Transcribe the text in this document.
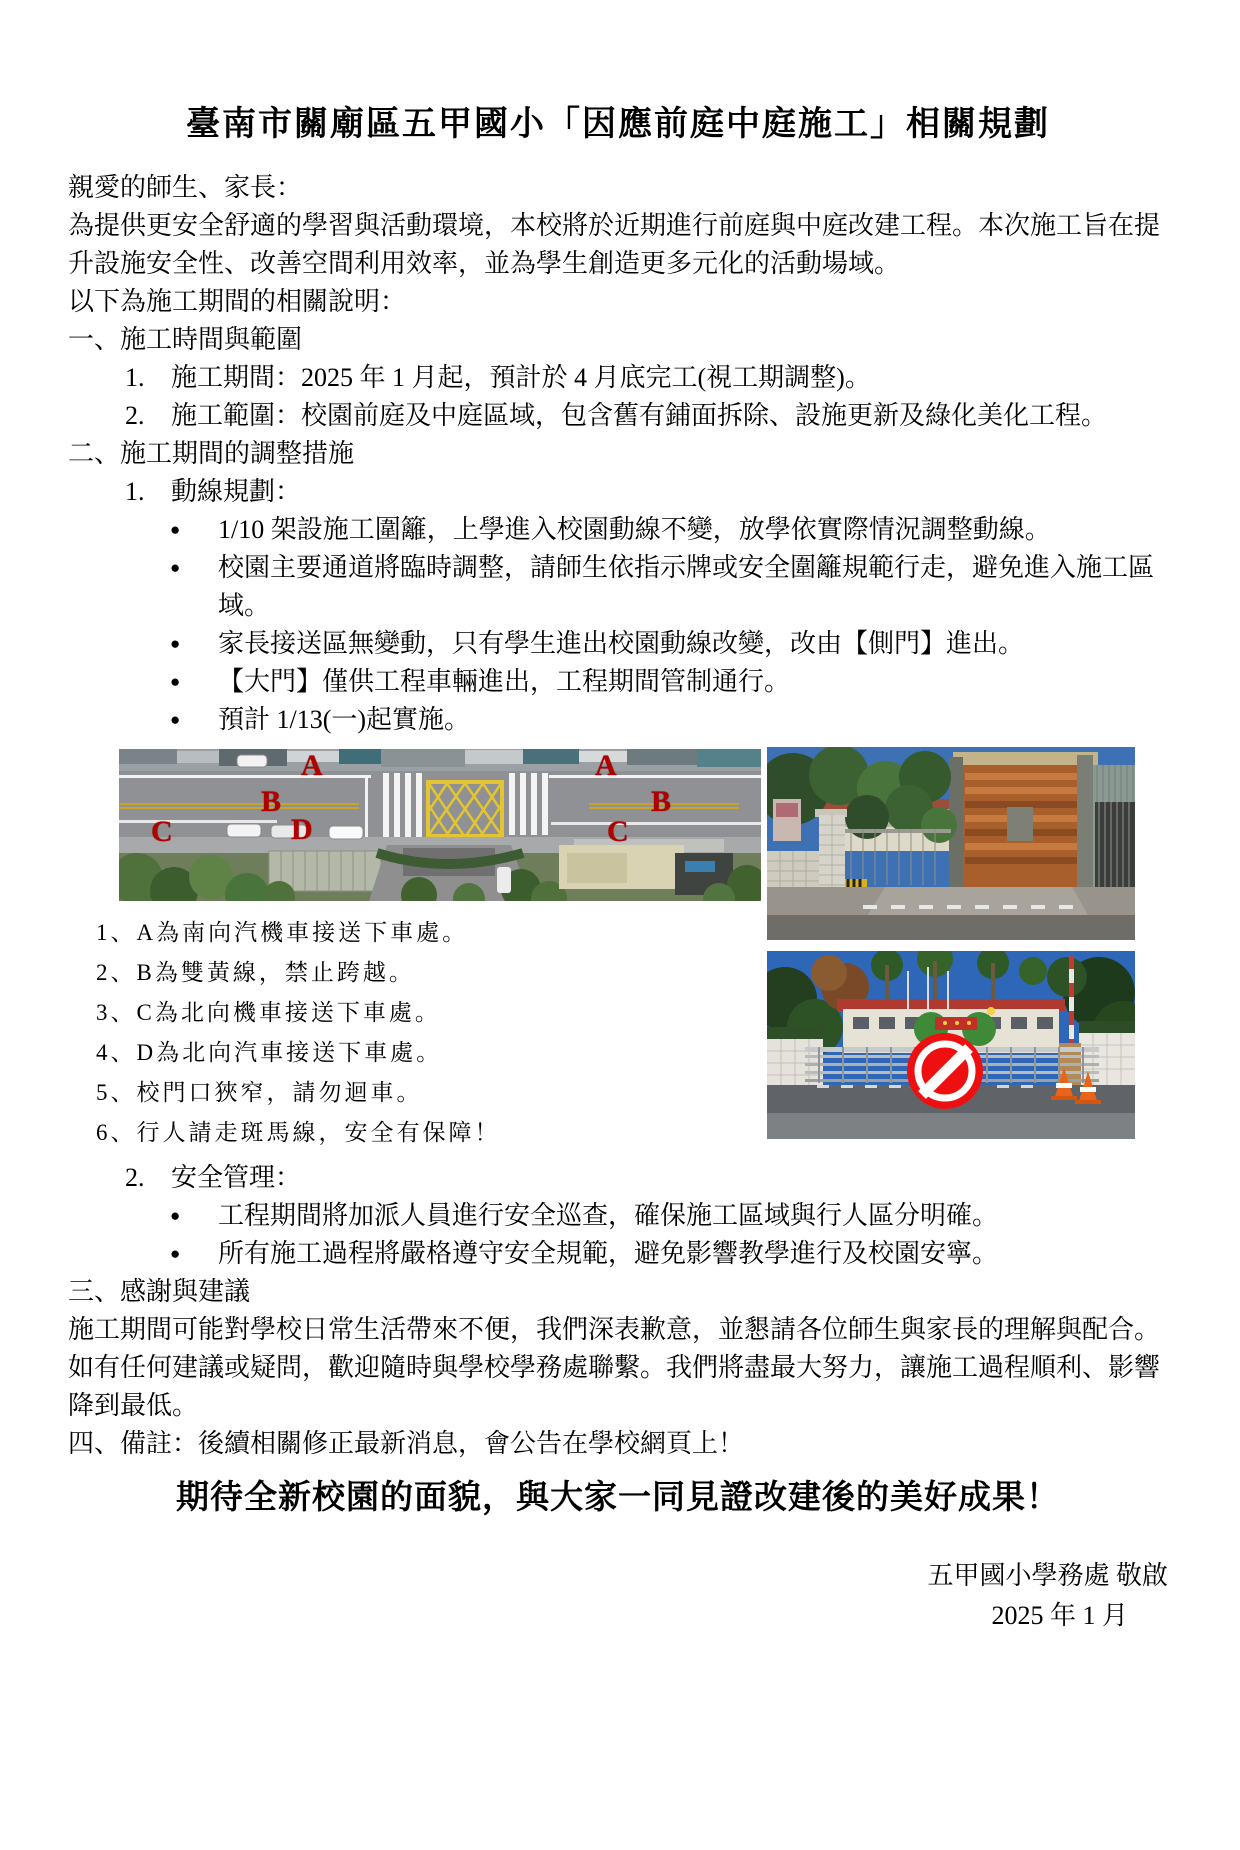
臺南市關廟區五甲國小「因應前庭中庭施工」相關規劃
親愛的師生、家長：
為提供更安全舒適的學習與活動環境，本校將於近期進行前庭與中庭改建工程。本次施工旨在提升設施安全性、改善空間利用效率，並為學生創造更多元化的活動場域。
以下為施工期間的相關說明：
一、施工時間與範圍
1.	施工期間：2025 年 1 月起，預計於 4 月底完工(視工期調整)。
2.	施工範圍：校園前庭及中庭區域，包含舊有鋪面拆除、設施更新及綠化美化工程。
二、施工期間的調整措施
1.	動線規劃：
●	1/10 架設施工圍籬，上學進入校園動線不變，放學依實際情況調整動線。
●	校園主要通道將臨時調整，請師生依指示牌或安全圍籬規範行走，避免進入施工區域。
●	家長接送區無變動，只有學生進出校園動線改變，改由【側門】進出。
●	【大門】僅供工程車輛進出，工程期間管制通行。
●	預計 1/13(一)起實施。
A
B
C	D
A
B
C
1、A為南向汽機車接送下車處。
2、B為雙黃線，禁止跨越。
3、C為北向機車接送下車處。
4、D為北向汽車接送下車處。
5、校門口狹窄，請勿迴車。
6、行人請走斑馬線，安全有保障！
2.	安全管理：
●	工程期間將加派人員進行安全巡查，確保施工區域與行人區分明確。
●	所有施工過程將嚴格遵守安全規範，避免影響教學進行及校園安寧。
三、感謝與建議
施工期間可能對學校日常生活帶來不便，我們深表歉意，並懇請各位師生與家長的理解與配合。如有任何建議或疑問，歡迎隨時與學校學務處聯繫。我們將盡最大努力，讓施工過程順利、影響降到最低。
四、備註：後續相關修正最新消息，會公告在學校網頁上！
期待全新校園的面貌，與大家一同見證改建後的美好成果！
五甲國小學務處 敬啟
2025 年 1 月
